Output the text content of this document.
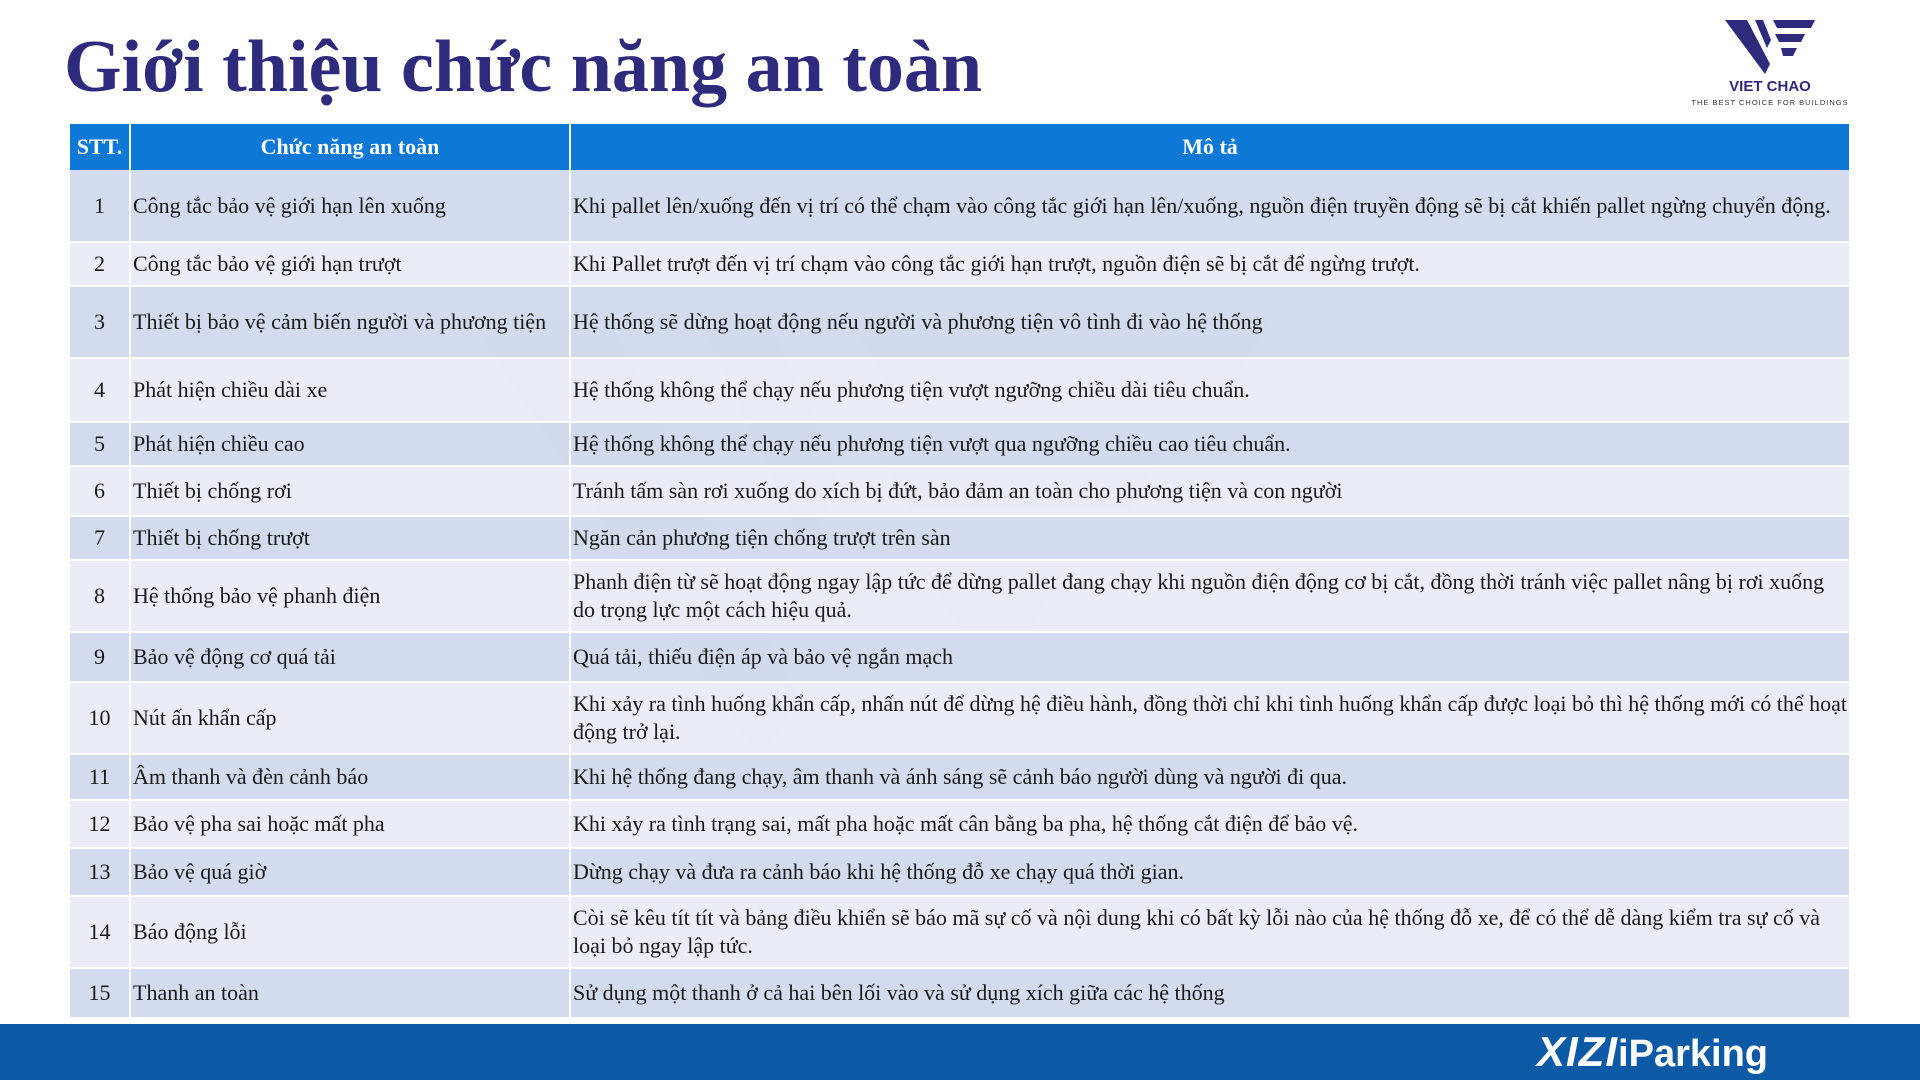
Giới thiệu chức năng an toàn	VIET CHAO
THE BEST CHOICE FOR BUILDINGS
STT.	Chức năng an toàn	Mô tả
1	Công tắc bảo vệ giới hạn lên xuống	Khi pallet lên/xuống đến vị trí có thể chạm vào công tắc giới hạn lên/xuống, nguồn điện truyền động sẽ bị cắt khiến pallet ngừng chuyển động.
2	Công tắc bảo vệ giới hạn trượt	Khi Pallet trượt đến vị trí chạm vào công tắc giới hạn trượt, nguồn điện sẽ bị cắt để ngừng trượt.
3	Thiết bị bảo vệ cảm biến người và phương tiện	Hệ thống sẽ dừng hoạt động nếu người và phương tiện vô tình đi vào hệ thống
4	Phát hiện chiều dài xe	Hệ thống không thể chạy nếu phương tiện vượt ngưỡng chiều dài tiêu chuẩn.
5	Phát hiện chiều cao	Hệ thống không thể chạy nếu phương tiện vượt qua ngưỡng chiều cao tiêu chuẩn.
6	Thiết bị chống rơi	Tránh tấm sàn rơi xuống do xích bị đứt, bảo đảm an toàn cho phương tiện và con người
7	Thiết bị chống trượt	Ngăn cản phương tiện chống trượt trên sàn
8	Hệ thống bảo vệ phanh điện	Phanh điện từ sẽ hoạt động ngay lập tức để dừng pallet đang chạy khi nguồn điện động cơ bị cắt, đồng thời tránh việc pallet nâng bị rơi xuống do trọng lực một cách hiệu quả.
9	Bảo vệ động cơ quá tải	Quá tải, thiếu điện áp và bảo vệ ngắn mạch
10	Nút ấn khẩn cấp	Khi xảy ra tình huống khẩn cấp, nhấn nút để dừng hệ điều hành, đồng thời chỉ khi tình huống khẩn cấp được loại bỏ thì hệ thống mới có thể hoạt động trở lại.
11	Âm thanh và đèn cảnh báo	Khi hệ thống đang chạy, âm thanh và ánh sáng sẽ cảnh báo người dùng và người đi qua.
12	Bảo vệ pha sai hoặc mất pha	Khi xảy ra tình trạng sai, mất pha hoặc mất cân bằng ba pha, hệ thống cắt điện để bảo vệ.
13	Bảo vệ quá giờ	Dừng chạy và đưa ra cảnh báo khi hệ thống đỗ xe chạy quá thời gian.
14	Báo động lỗi	Còi sẽ kêu tít tít và bảng điều khiển sẽ báo mã sự cố và nội dung khi có bất kỳ lỗi nào của hệ thống đỗ xe, để có thể dễ dàng kiểm tra sự cố và loại bỏ ngay lập tức.
15	Thanh an toàn	Sử dụng một thanh ở cả hai bên lối vào và sử dụng xích giữa các hệ thống
XIZIiParking
